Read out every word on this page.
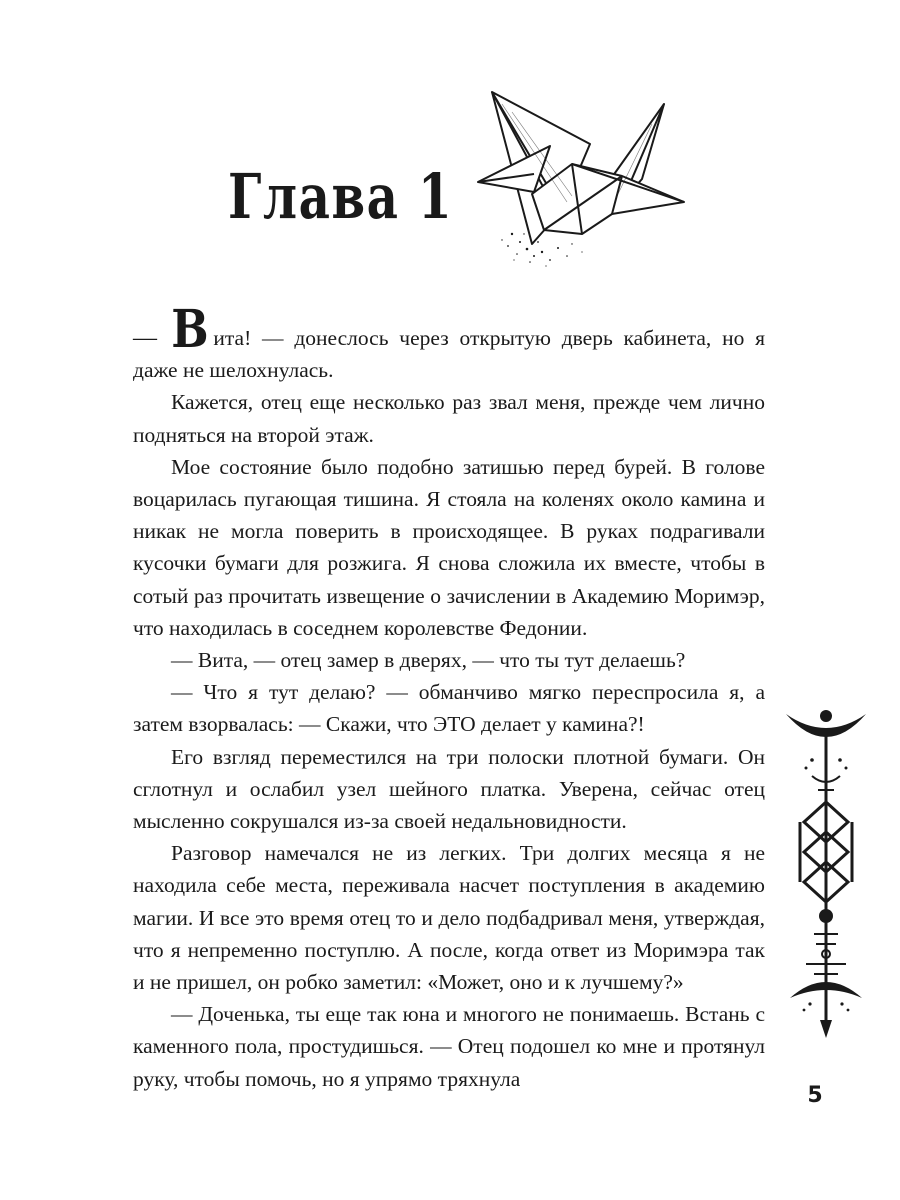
Глава 1

— В ита! — донеслось через открытую дверь кабинета, но я даже не шелохнулась.

Кажется, отец еще несколько раз звал меня, прежде чем лично подняться на второй этаж.

Мое состояние было подобно затишью перед бурей. В голове воцарилась пугающая тишина. Я стояла на коленях около камина и никак не могла поверить в происходящее. В руках подрагивали кусочки бумаги для розжига. Я снова сложила их вместе, чтобы в сотый раз прочитать извещение о зачислении в Академию Моримэр, что находилась в соседнем королевстве Федонии.

— Вита, — отец замер в дверях, — что ты тут делаешь?

— Что я тут делаю? — обманчиво мягко переспросила я, а затем взорвалась: — Скажи, что ЭТО делает у камина?!

Его взгляд переместился на три полоски плотной бумаги. Он сглотнул и ослабил узел шейного платка. Уверена, сейчас отец мысленно сокрушался из-за своей недальновидности.

Разговор намечался не из легких. Три долгих месяца я не находила себе места, переживала насчет поступления в академию магии. И все это время отец то и дело подбадривал меня, утверждая, что я непременно поступлю. А после, когда ответ из Моримэра так и не пришел, он робко заметил: «Может, оно и к лучшему?»

— Доченька, ты еще так юна и многого не понимаешь. Встань с каменного пола, простудишься. — Отец подошел ко мне и протянул руку, чтобы помочь, но я упрямо тряхнула

5
